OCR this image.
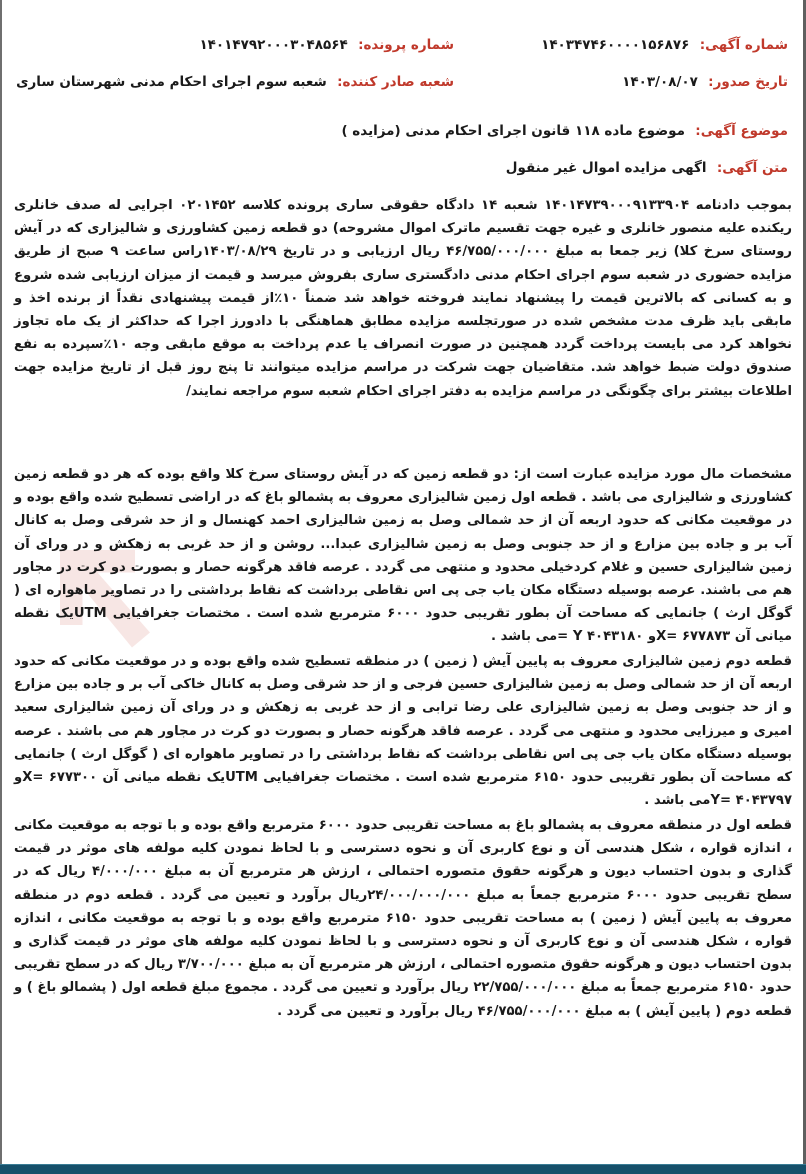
شماره آگهی: ۱۴۰۳۴۷۴۶۰۰۰۰۱۵۶۸۷۶
شماره پرونده: ۱۴۰۱۴۷۹۲۰۰۰۳۰۴۸۵۶۴
تاریخ صدور: ۱۴۰۳/۰۸/۰۷
شعبه صادر کننده: شعبه سوم اجرای احکام مدنی شهرستان ساری
موضوع آگهی: موضوع ماده ۱۱۸ قانون اجرای احکام مدنی (مزایده )
متن آگهی: اگهی مزایده اموال غیر منقول
بموجب دادنامه ۱۴۰۱۴۷۳۹۰۰۰۹۱۳۳۹۰۴ شعبه ۱۴ دادگاه حقوقی ساری پرونده کلاسه ۰۲۰۱۴۵۲ اجرایی له صدف خانلری ریکنده علیه منصور خانلری و غیره جهت تقسیم ماترک اموال مشروحه) دو قطعه زمین کشاورزی و شالیزاری که در آیش روستای سرخ کلا) زیر جمعا به مبلغ ۴۶/۷۵۵/۰۰۰/۰۰۰ ریال ارزیابی و در تاریخ ۱۴۰۳/۰۸/۲۹راس ساعت ۹ صبح از طریق مزایده حضوری در شعبه سوم اجرای احکام مدنی دادگستری ساری بفروش میرسد و قیمت از میزان ارزیابی شده شروع و به کسانی که بالاترین قیمت را پیشنهاد نمایند فروخته خواهد شد ضمناً ۱۰٪از قیمت پیشنهادی نقداً از برنده اخذ و مابقی باید ظرف مدت مشخص شده در صورتجلسه مزایده مطابق هماهنگی با دادورز اجرا که حداکثر از یک ماه تجاوز نخواهد کرد می بایست پرداخت گردد همچنین در صورت انصراف یا عدم پرداخت به موقع مابقی وجه ۱۰٪سپرده به نفع صندوق دولت ضبط خواهد شد. متقاضیان جهت شرکت در مراسم مزایده میتوانند تا پنج روز قبل از تاریخ مزایده جهت اطلاعات بیشتر برای چگونگی در مراسم مزایده به دفتر اجرای احکام شعبه سوم مراجعه نمایند/
مشخصات مال مورد مزایده عبارت است از: دو قطعه زمین که در آیش روستای سرخ کلا واقع بوده که هر دو قطعه زمین کشاورزی و شالیزاری می باشد . قطعه اول زمین شالیزاری معروف به پشمالو باغ که در اراضی تسطیح شده واقع بوده و در موقعیت مکانی که حدود اربعه آن از حد شمالی وصل به زمین شالیزاری احمد کهنسال و از حد شرقی وصل به کانال آب بر و جاده بین مزارع و از حد جنوبی وصل به زمین شالیزاری عبدا... روشن و از حد غربی به زهکش و در ورای آن زمین شالیزاری حسین و غلام کردخیلی محدود و منتهی می گردد . عرصه فاقد هرگونه حصار و بصورت دو کرت در مجاور هم می باشند. عرصه بوسیله دستگاه مکان یاب جی پی اس نقاطی برداشت که نقاط برداشتی را در تصاویر ماهواره ای ( گوگل ارث ) جانمایی که مساحت آن بطور تقریبی حدود ۶۰۰۰ مترمربع شده است . مختصات جغرافیایی UTMیک نقطه میانی آن ۶۷۷۸۷۳ =Xو ۴۰۴۳۱۸۰ Y =می باشد .
قطعه دوم زمین شالیزاری معروف به پایین آیش ( زمین ) در منطقه تسطیح شده واقع بوده و در موقعیت مکانی که حدود اربعه آن از حد شمالی وصل به زمین شالیزاری حسین فرجی و از حد شرقی وصل به کانال خاکی آب بر و جاده بین مزارع و از حد جنوبی وصل به زمین شالیزاری علی رضا ترابی و از حد غربی به زهکش و در ورای آن زمین شالیزاری سعید امیری و میرزایی محدود و منتهی می گردد . عرصه فاقد هرگونه حصار و بصورت دو کرت در مجاور هم می باشند . عرصه بوسیله دستگاه مکان یاب جی پی اس نقاطی برداشت که نقاط برداشتی را در تصاویر ماهواره ای ( گوگل ارث ) جانمایی که مساحت آن بطور تقریبی حدود ۶۱۵۰ مترمربع شده است . مختصات جغرافیایی UTMیک نقطه میانی آن ۶۷۷۳۰۰ =Xو ۴۰۴۳۷۹۷ =Yمی باشد .
قطعه اول در منطقه معروف به پشمالو باغ به مساحت تقریبی حدود ۶۰۰۰ مترمربع واقع بوده و با توجه به موقعیت مکانی ، اندازه قواره ، شکل هندسی آن و نوع کاربری آن و نحوه دسترسی و با لحاظ نمودن کلیه مولفه های موثر در قیمت گذاری و بدون احتساب دیون و هرگونه حقوق متصوره احتمالی ، ارزش هر مترمربع آن به مبلغ ۴/۰۰۰/۰۰۰ ریال که در سطح تقریبی حدود ۶۰۰۰ مترمربع جمعاً به مبلغ ۲۴/۰۰۰/۰۰۰/۰۰۰ریال برآورد و تعیین می گردد . قطعه دوم در منطقه معروف به پایین آیش ( زمین ) به مساحت تقریبی حدود ۶۱۵۰ مترمربع واقع بوده و با توجه به موقعیت مکانی ، اندازه قواره ، شکل هندسی آن و نوع کاربری آن و نحوه دسترسی و با لحاظ نمودن کلیه مولفه های موثر در قیمت گذاری و بدون احتساب دیون و هرگونه حقوق متصوره احتمالی ، ارزش هر مترمربع آن به مبلغ ۳/۷۰۰/۰۰۰ ریال که در سطح تقریبی حدود ۶۱۵۰ مترمربع جمعاً به مبلغ ۲۲/۷۵۵/۰۰۰/۰۰۰ ریال برآورد و تعیین می گردد . مجموع مبلغ قطعه اول ( پشمالو باغ ) و قطعه دوم ( پایین آیش ) به مبلغ ۴۶/۷۵۵/۰۰۰/۰۰۰ ریال برآورد و تعیین می گردد .
